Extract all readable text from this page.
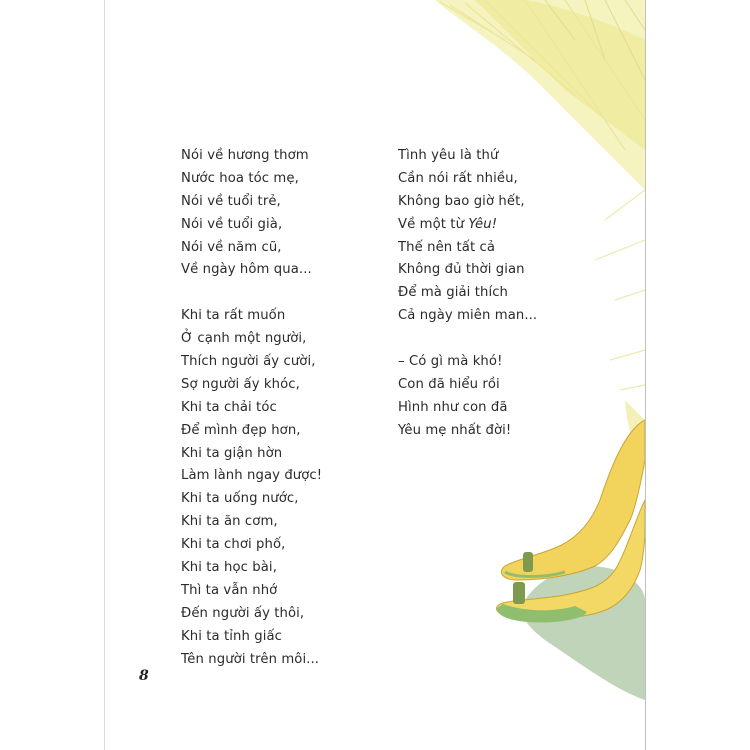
Nói về hương thơm
Nước hoa tóc mẹ,
Nói về tuổi trẻ,
Nói về tuổi già,
Nói về năm cũ,
Về ngày hôm qua...
Khi ta rất muốn
Ở cạnh một người,
Thích người ấy cười,
Sợ người ấy khóc,
Khi ta chải tóc
Để mình đẹp hơn,
Khi ta giận hờn
Làm lành ngay được!
Khi ta uống nước,
Khi ta ăn cơm,
Khi ta chơi phố,
Khi ta học bài,
Thì ta vẫn nhớ
Đến người ấy thôi,
Khi ta tỉnh giấc
Tên người trên môi...
Tình yêu là thứ
Cần nói rất nhiều,
Không bao giờ hết,
Về một từ Yêu!
Thế nên tất cả
Không đủ thời gian
Để mà giải thích
Cả ngày miên man...
– Có gì mà khó!
Con đã hiểu rồi
Hình như con đã
Yêu mẹ nhất đời!
8
